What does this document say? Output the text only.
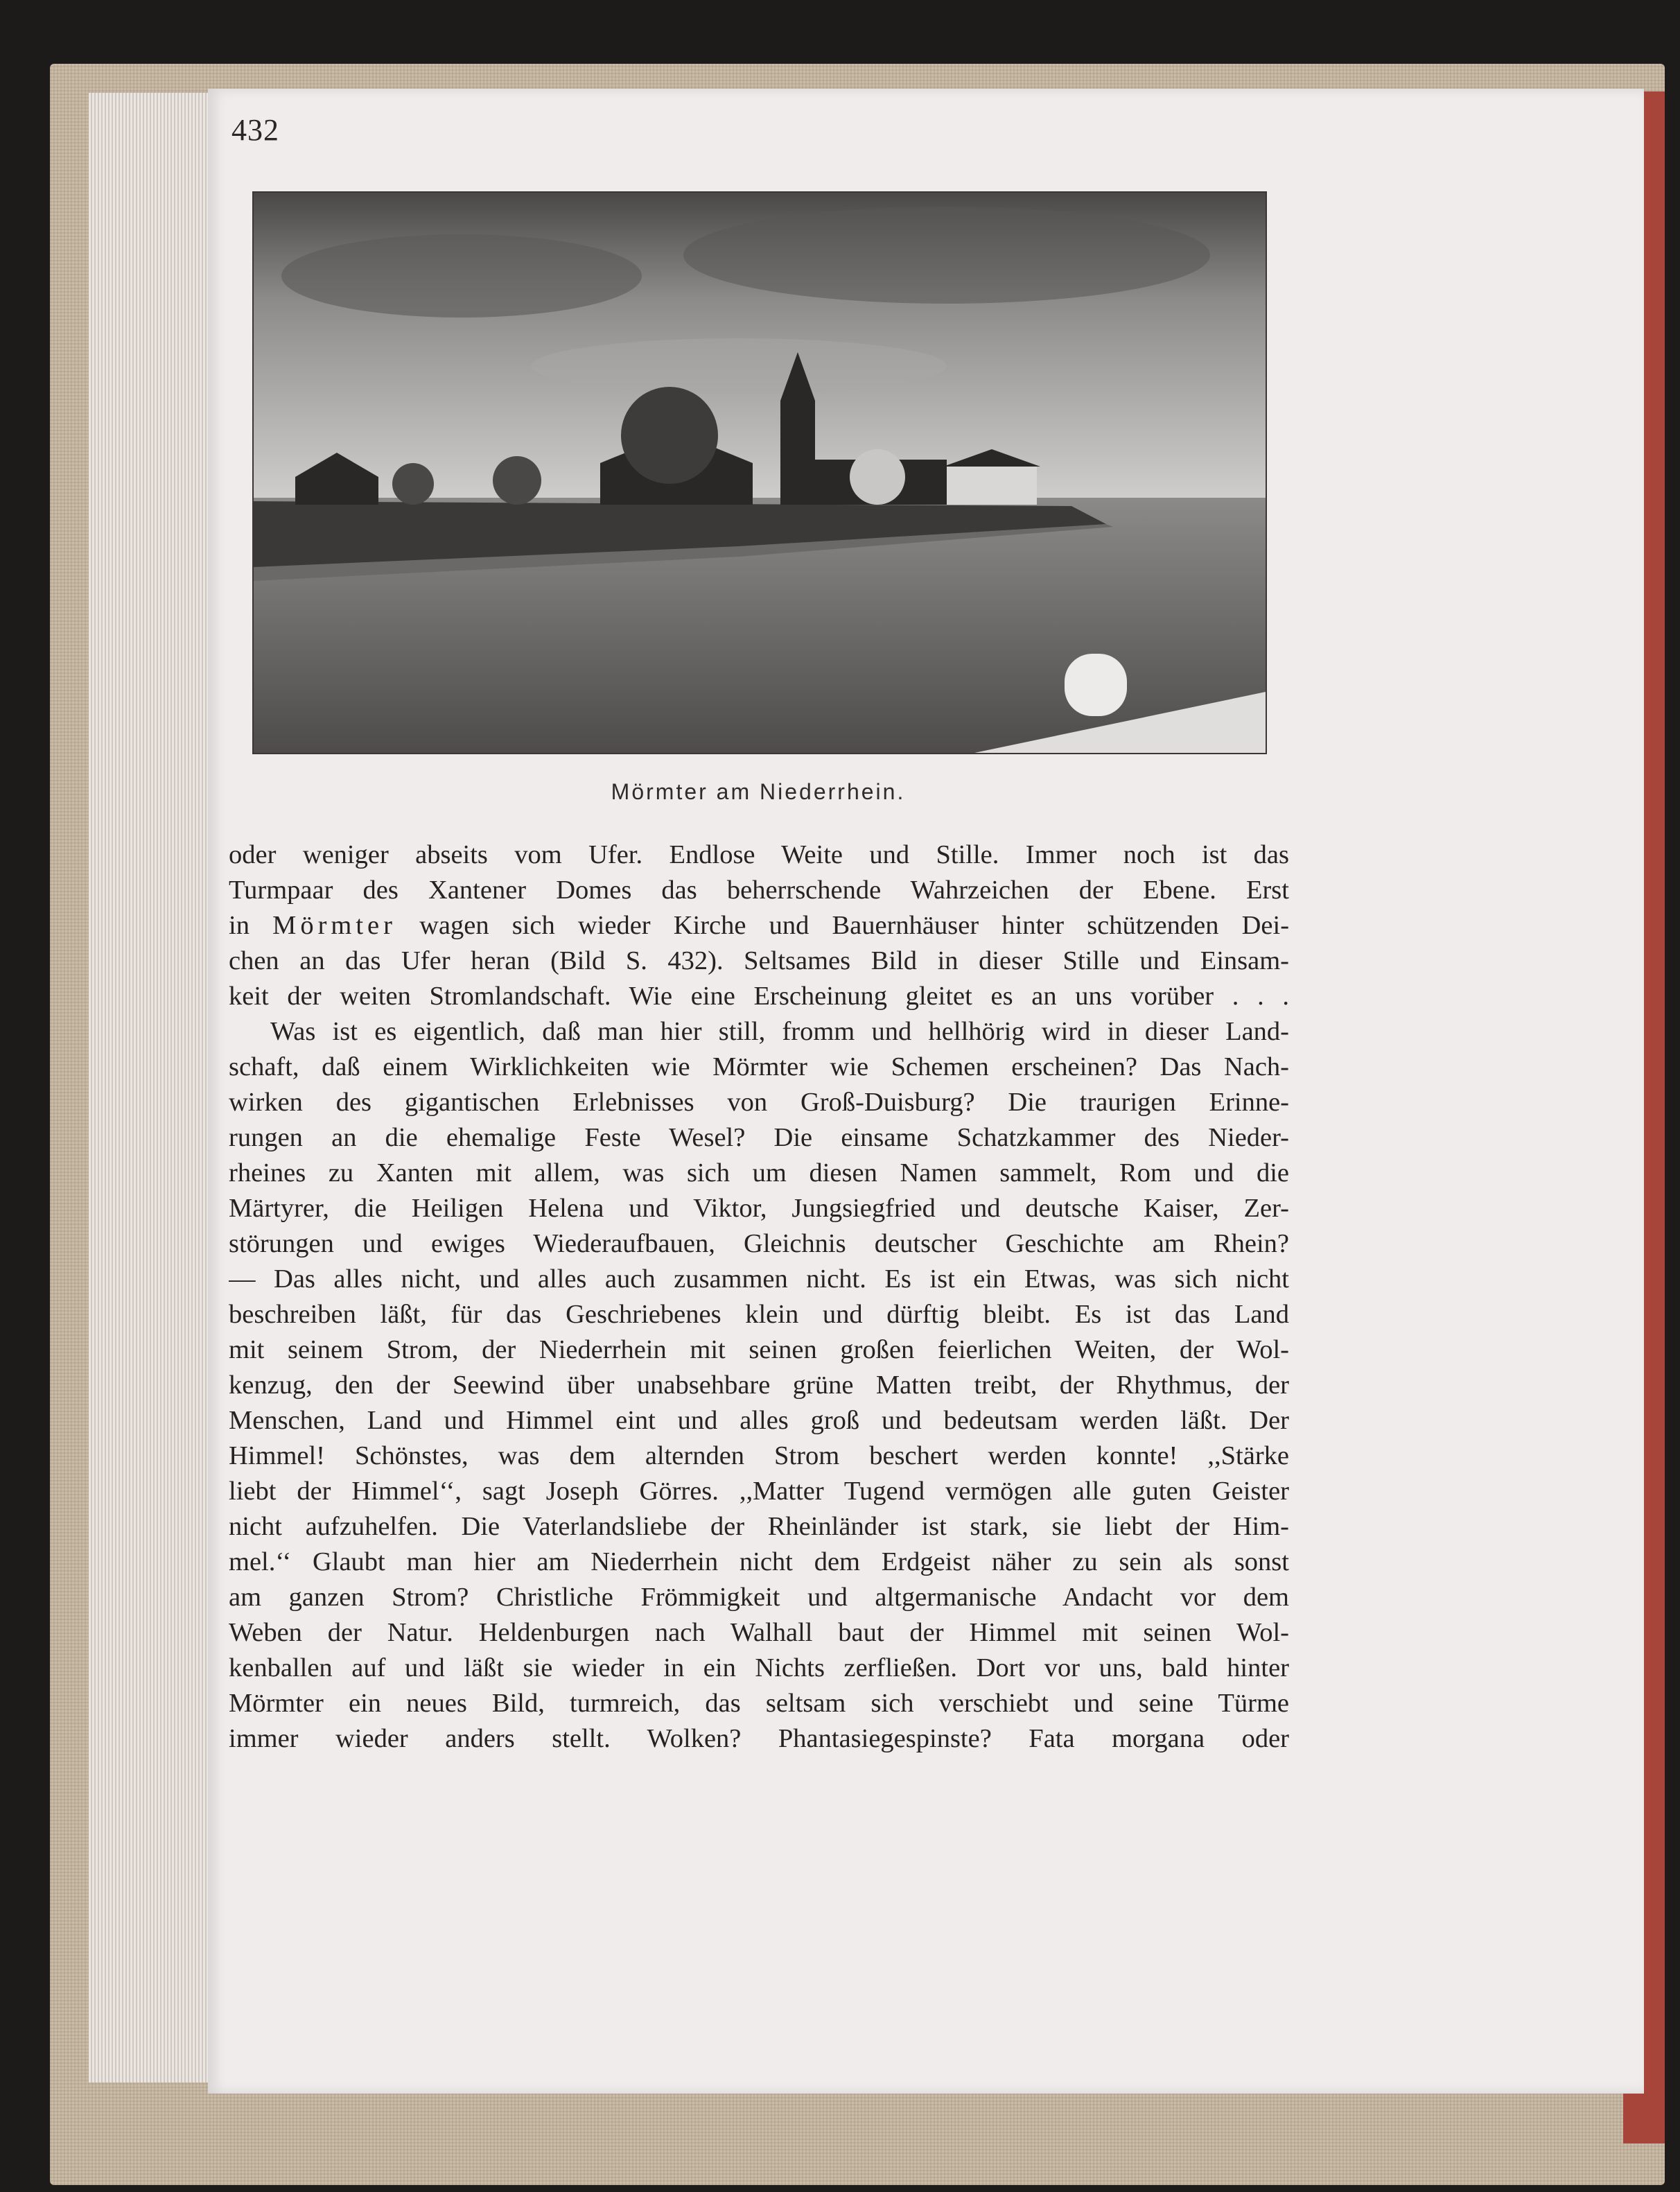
432

Mörmter am Niederrhein.

oder weniger abseits vom Ufer. Endlose Weite und Stille. Immer noch ist das
Turmpaar des Xantener Domes das beherrschende Wahrzeichen der Ebene. Erst
in Mörmter wagen sich wieder Kirche und Bauernhäuser hinter schützenden Dei-
chen an das Ufer heran (Bild S. 432). Seltsames Bild in dieser Stille und Einsam-
keit der weiten Stromlandschaft. Wie eine Erscheinung gleitet es an uns vorüber . . .
Was ist es eigentlich, daß man hier still, fromm und hellhörig wird in dieser Land-
schaft, daß einem Wirklichkeiten wie Mörmter wie Schemen erscheinen? Das Nach-
wirken des gigantischen Erlebnisses von Groß-Duisburg? Die traurigen Erinne-
rungen an die ehemalige Feste Wesel? Die einsame Schatzkammer des Nieder-
rheines zu Xanten mit allem, was sich um diesen Namen sammelt, Rom und die
Märtyrer, die Heiligen Helena und Viktor, Jungsiegfried und deutsche Kaiser, Zer-
störungen und ewiges Wiederaufbauen, Gleichnis deutscher Geschichte am Rhein?
— Das alles nicht, und alles auch zusammen nicht. Es ist ein Etwas, was sich nicht
beschreiben läßt, für das Geschriebenes klein und dürftig bleibt. Es ist das Land
mit seinem Strom, der Niederrhein mit seinen großen feierlichen Weiten, der Wol-
kenzug, den der Seewind über unabsehbare grüne Matten treibt, der Rhythmus, der
Menschen, Land und Himmel eint und alles groß und bedeutsam werden läßt. Der
Himmel! Schönstes, was dem alternden Strom beschert werden konnte! ,,Stärke
liebt der Himmel‘‘, sagt Joseph Görres. ,,Matter Tugend vermögen alle guten Geister
nicht aufzuhelfen. Die Vaterlandsliebe der Rheinländer ist stark, sie liebt der Him-
mel.‘‘ Glaubt man hier am Niederrhein nicht dem Erdgeist näher zu sein als sonst
am ganzen Strom? Christliche Frömmigkeit und altgermanische Andacht vor dem
Weben der Natur. Heldenburgen nach Walhall baut der Himmel mit seinen Wol-
kenballen auf und läßt sie wieder in ein Nichts zerfließen. Dort vor uns, bald hinter
Mörmter ein neues Bild, turmreich, das seltsam sich verschiebt und seine Türme
immer wieder anders stellt. Wolken? Phantasiegespinste? Fata morgana oder
